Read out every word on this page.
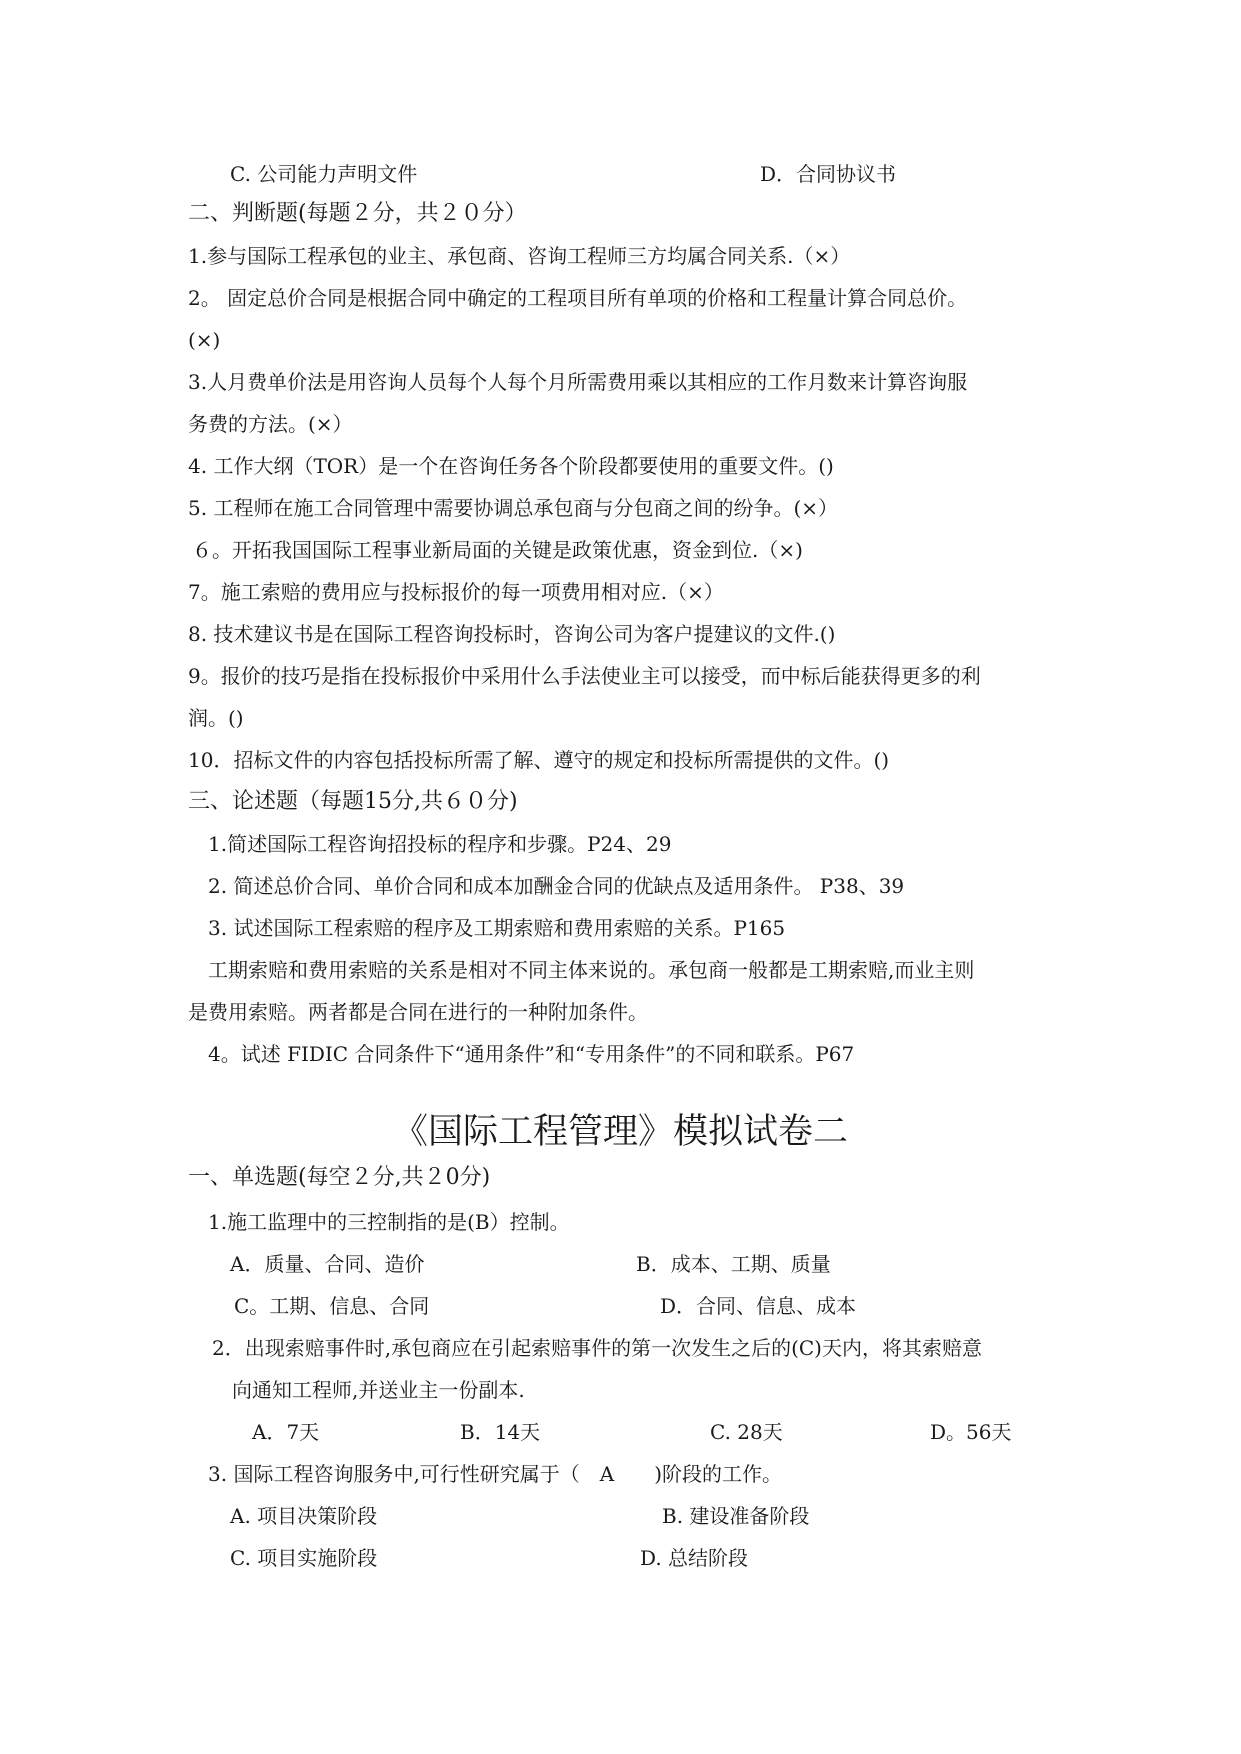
C. 公司能力声明文件	D．合同协议书
二、判断题(每题２分，共２０分）
1.参与国际工程承包的业主、承包商、咨询工程师三方均属合同关系.（×）
2。 固定总价合同是根据合同中确定的工程项目所有单项的价格和工程量计算合同总价。
(×)
3.人月费单价法是用咨询人员每个人每个月所需费用乘以其相应的工作月数来计算咨询服
务费的方法。(×）
4. 工作大纲（TOR）是一个在咨询任务各个阶段都要使用的重要文件。()
5. 工程师在施工合同管理中需要协调总承包商与分包商之间的纷争。(×）
６。开拓我国国际工程事业新局面的关键是政策优惠，资金到位.（×)
7。施工索赔的费用应与投标报价的每一项费用相对应.（×）
8. 技术建议书是在国际工程咨询投标时，咨询公司为客户提建议的文件.()
9。报价的技巧是指在投标报价中采用什么手法使业主可以接受，而中标后能获得更多的利
润。()
10．招标文件的内容包括投标所需了解、遵守的规定和投标所需提供的文件。()
三、论述题（每题15分,共６０分)
1.简述国际工程咨询招投标的程序和步骤。P24、29
2. 简述总价合同、单价合同和成本加酬金合同的优缺点及适用条件。 P38、39
3. 试述国际工程索赔的程序及工期索赔和费用索赔的关系。P165
工期索赔和费用索赔的关系是相对不同主体来说的。承包商一般都是工期索赔,而业主则
是费用索赔。两者都是合同在进行的一种附加条件。
4。试述 FIDIC 合同条件下“通用条件”和“专用条件”的不同和联系。P67
《国际工程管理》模拟试卷二
一、单选题(每空２分,共２0分)
1.施工监理中的三控制指的是(B）控制。
A．质量、合同、造价	B．成本、工期、质量
C。工期、信息、合同	D．合同、信息、成本
2．出现索赔事件时,承包商应在引起索赔事件的第一次发生之后的(C)天内，将其索赔意
向通知工程师,并送业主一份副本.
A．7天	B．14天	C. 28天	D。56天
3. 国际工程咨询服务中,可行性研究属于（　A　　)阶段的工作。
A. 项目决策阶段	B. 建设准备阶段
C. 项目实施阶段	D. 总结阶段
